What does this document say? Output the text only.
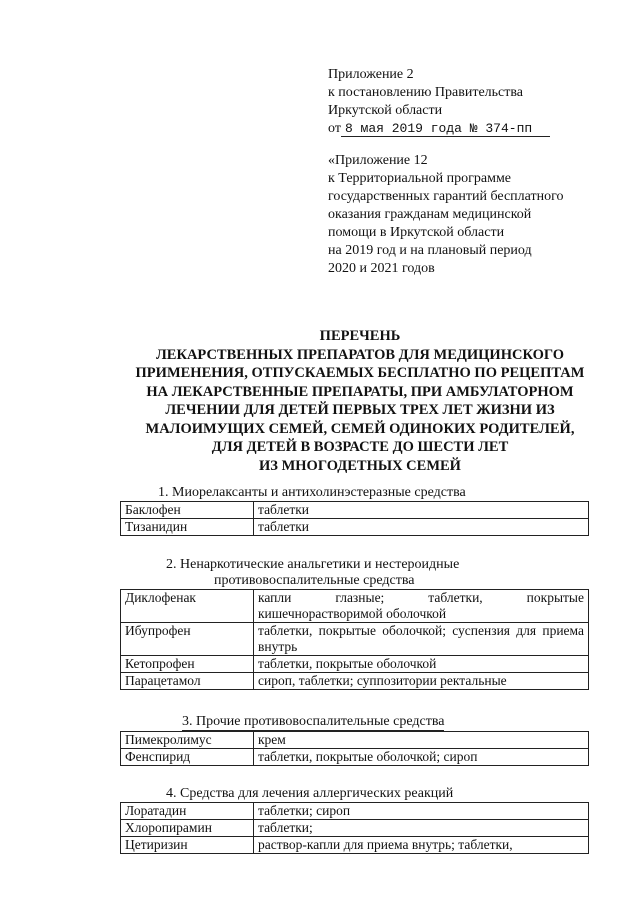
Приложение 2
к постановлению Правительства
Иркутской области
от 8 мая 2019 года № 374-пп
«Приложение 12
к Территориальной программе
государственных гарантий бесплатного
оказания гражданам медицинской
помощи в Иркутской области
на 2019 год и на плановый период
2020 и 2021 годов
ПЕРЕЧЕНЬ
ЛЕКАРСТВЕННЫХ ПРЕПАРАТОВ ДЛЯ МЕДИЦИНСКОГО
ПРИМЕНЕНИЯ, ОТПУСКАЕМЫХ БЕСПЛАТНО ПО РЕЦЕПТАМ
НА ЛЕКАРСТВЕННЫЕ ПРЕПАРАТЫ, ПРИ АМБУЛАТОРНОМ
ЛЕЧЕНИИ ДЛЯ ДЕТЕЙ ПЕРВЫХ ТРЕХ ЛЕТ ЖИЗНИ ИЗ
МАЛОИМУЩИХ СЕМЕЙ, СЕМЕЙ ОДИНОКИХ РОДИТЕЛЕЙ,
ДЛЯ ДЕТЕЙ В ВОЗРАСТЕ ДО ШЕСТИ ЛЕТ
ИЗ МНОГОДЕТНЫХ СЕМЕЙ
1. Миорелаксанты и антихолинэстеразные средства
Баклофен	таблетки
Тизанидин	таблетки
2. Ненаркотические анальгетики и нестероидные
противовоспалительные средства
Диклофенак	капли глазные; таблетки, покрытые кишечнорастворимой оболочкой
Ибупрофен	таблетки, покрытые оболочкой; суспензия для приема внутрь
Кетопрофен	таблетки, покрытые оболочкой
Парацетамол	сироп, таблетки; суппозитории ректальные
3. Прочие противовоспалительные средства
Пимекролимус	крем
Фенспирид	таблетки, покрытые оболочкой; сироп
4. Средства для лечения аллергических реакций
Лоратадин	таблетки; сироп
Хлоропирамин	таблетки;
Цетиризин	раствор-капли для приема внутрь; таблетки,
